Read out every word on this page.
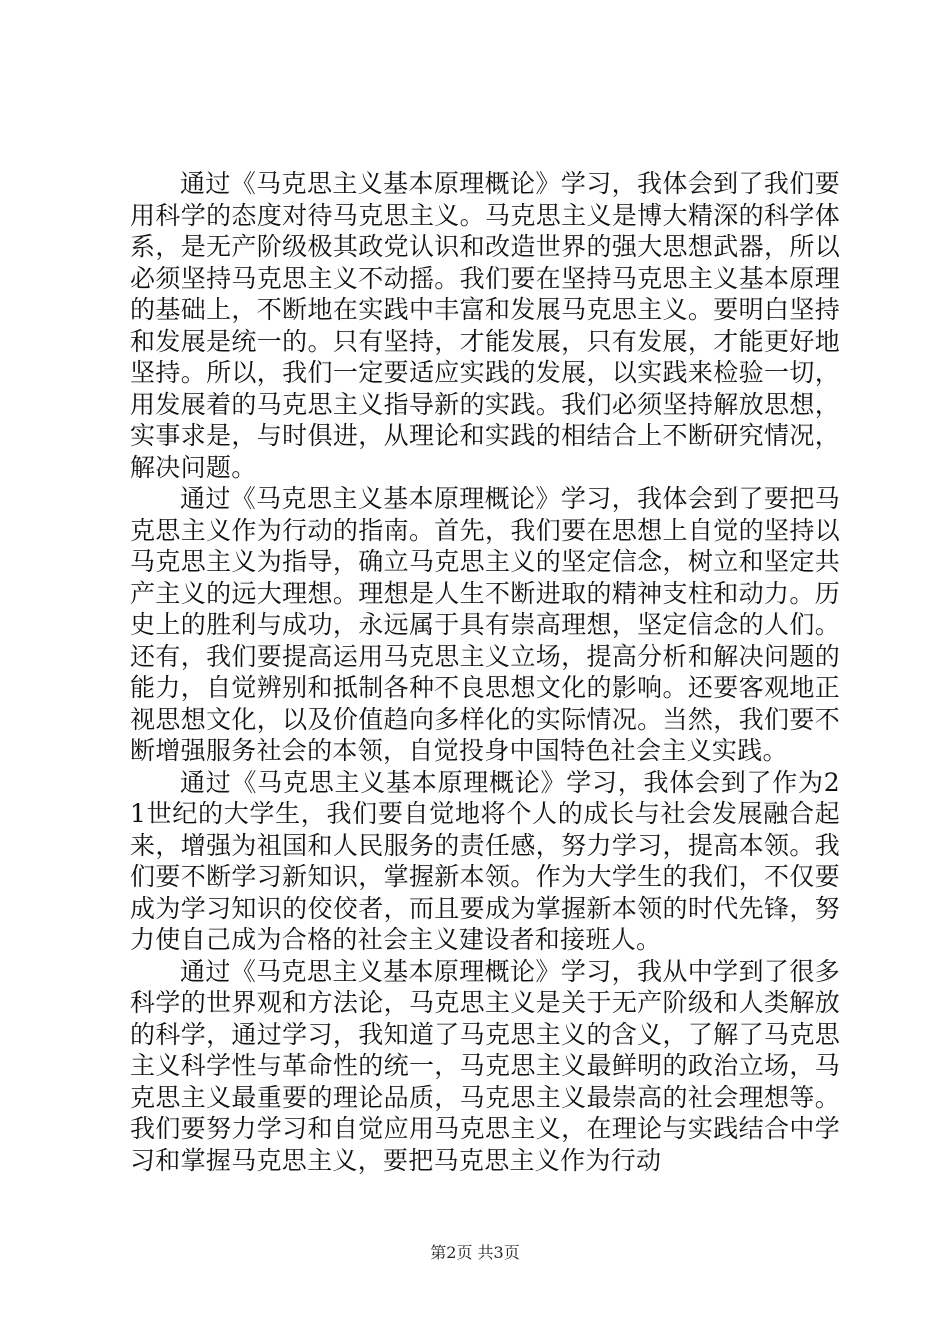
通过《马克思主义基本原理概论》学习，我体会到了我们要用科学的态度对待马克思主义。马克思主义是博大精深的科学体系，是无产阶级极其政党认识和改造世界的强大思想武器，所以必须坚持马克思主义不动摇。我们要在坚持马克思主义基本原理的基础上，不断地在实践中丰富和发展马克思主义。要明白坚持和发展是统一的。只有坚持，才能发展，只有发展，才能更好地坚持。所以，我们一定要适应实践的发展，以实践来检验一切，用发展着的马克思主义指导新的实践。我们必须坚持解放思想，实事求是，与时俱进，从理论和实践的相结合上不断研究情况，解决问题。

通过《马克思主义基本原理概论》学习，我体会到了要把马克思主义作为行动的指南。首先，我们要在思想上自觉的坚持以马克思主义为指导，确立马克思主义的坚定信念，树立和坚定共产主义的远大理想。理想是人生不断进取的精神支柱和动力。历史上的胜利与成功，永远属于具有崇高理想，坚定信念的人们。还有，我们要提高运用马克思主义立场，提高分析和解决问题的能力，自觉辨别和抵制各种不良思想文化的影响。还要客观地正视思想文化，以及价值趋向多样化的实际情况。当然，我们要不断增强服务社会的本领，自觉投身中国特色社会主义实践。

通过《马克思主义基本原理概论》学习，我体会到了作为21世纪的大学生，我们要自觉地将个人的成长与社会发展融合起来，增强为祖国和人民服务的责任感，努力学习，提高本领。我们要不断学习新知识，掌握新本领。作为大学生的我们，不仅要成为学习知识的佼佼者，而且要成为掌握新本领的时代先锋，努力使自己成为合格的社会主义建设者和接班人。

通过《马克思主义基本原理概论》学习，我从中学到了很多科学的世界观和方法论，马克思主义是关于无产阶级和人类解放的科学，通过学习，我知道了马克思主义的含义，了解了马克思主义科学性与革命性的统一，马克思主义最鲜明的政治立场，马克思主义最重要的理论品质，马克思主义最崇高的社会理想等。我们要努力学习和自觉应用马克思主义，在理论与实践结合中学习和掌握马克思主义，要把马克思主义作为行动

第2页 共3页
